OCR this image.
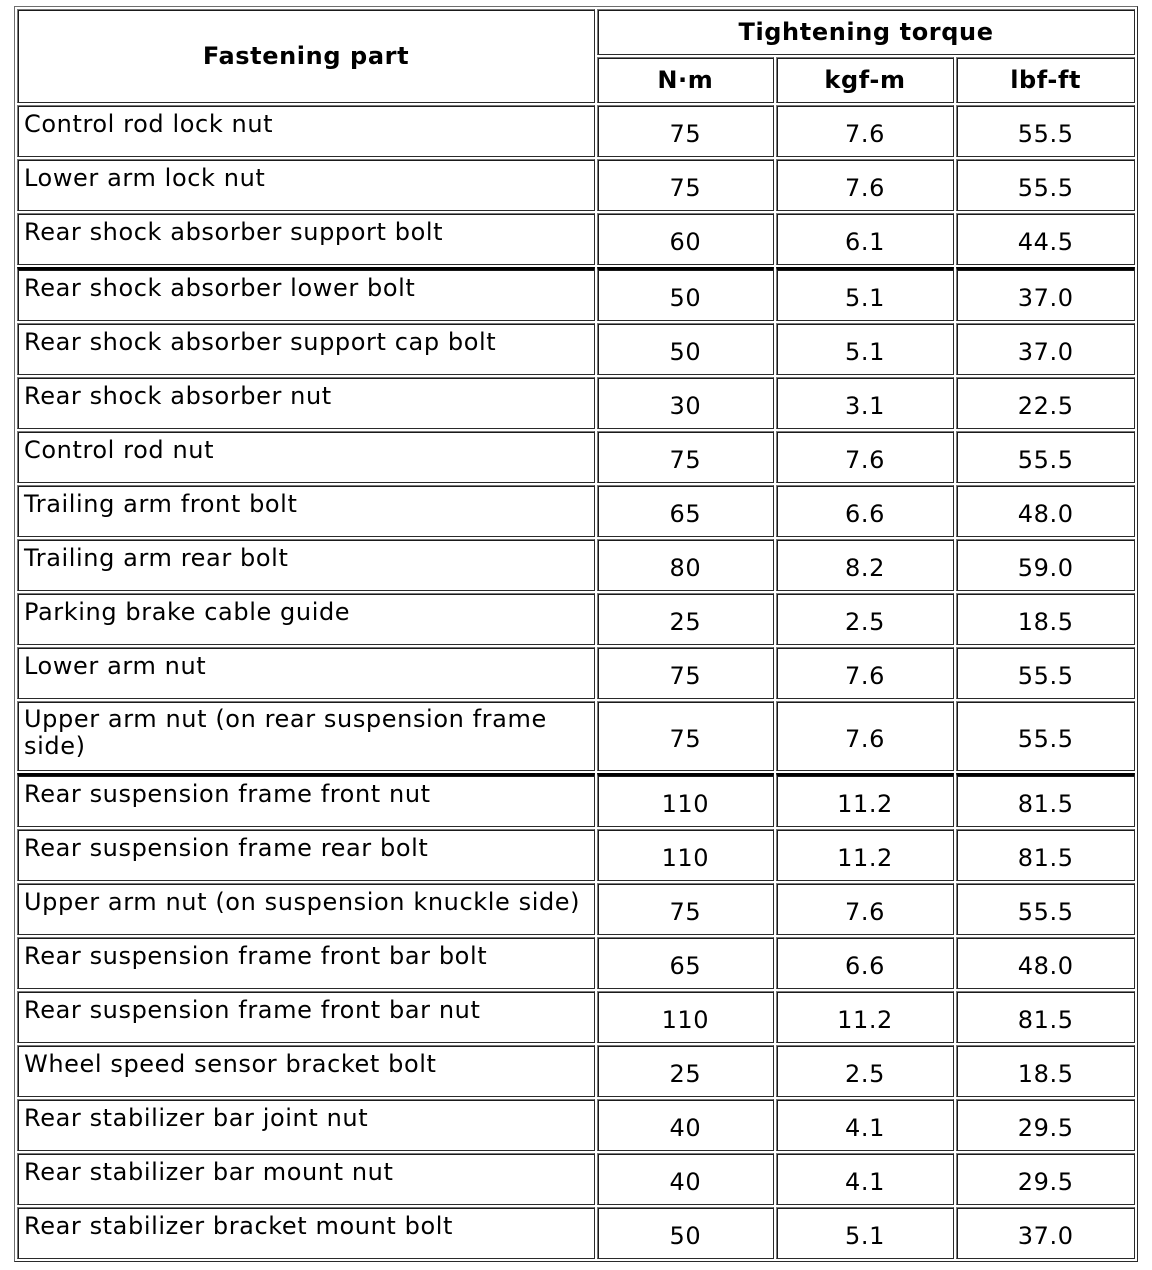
Fastening part	Tightening torque		
	N·m	kgf-m	lbf-ft
Control rod lock nut	75	7.6	55.5
Lower arm lock nut	75	7.6	55.5
Rear shock absorber support bolt	60	6.1	44.5
Rear shock absorber lower bolt	50	5.1	37.0
Rear shock absorber support cap bolt	50	5.1	37.0
Rear shock absorber nut	30	3.1	22.5
Control rod nut	75	7.6	55.5
Trailing arm front bolt	65	6.6	48.0
Trailing arm rear bolt	80	8.2	59.0
Parking brake cable guide	25	2.5	18.5
Lower arm nut	75	7.6	55.5
Upper arm nut (on rear suspension frame side)	75	7.6	55.5
Rear suspension frame front nut	110	11.2	81.5
Rear suspension frame rear bolt	110	11.2	81.5
Upper arm nut (on suspension knuckle side)	75	7.6	55.5
Rear suspension frame front bar bolt	65	6.6	48.0
Rear suspension frame front bar nut	110	11.2	81.5
Wheel speed sensor bracket bolt	25	2.5	18.5
Rear stabilizer bar joint nut	40	4.1	29.5
Rear stabilizer bar mount nut	40	4.1	29.5
Rear stabilizer bracket mount bolt	50	5.1	37.0
